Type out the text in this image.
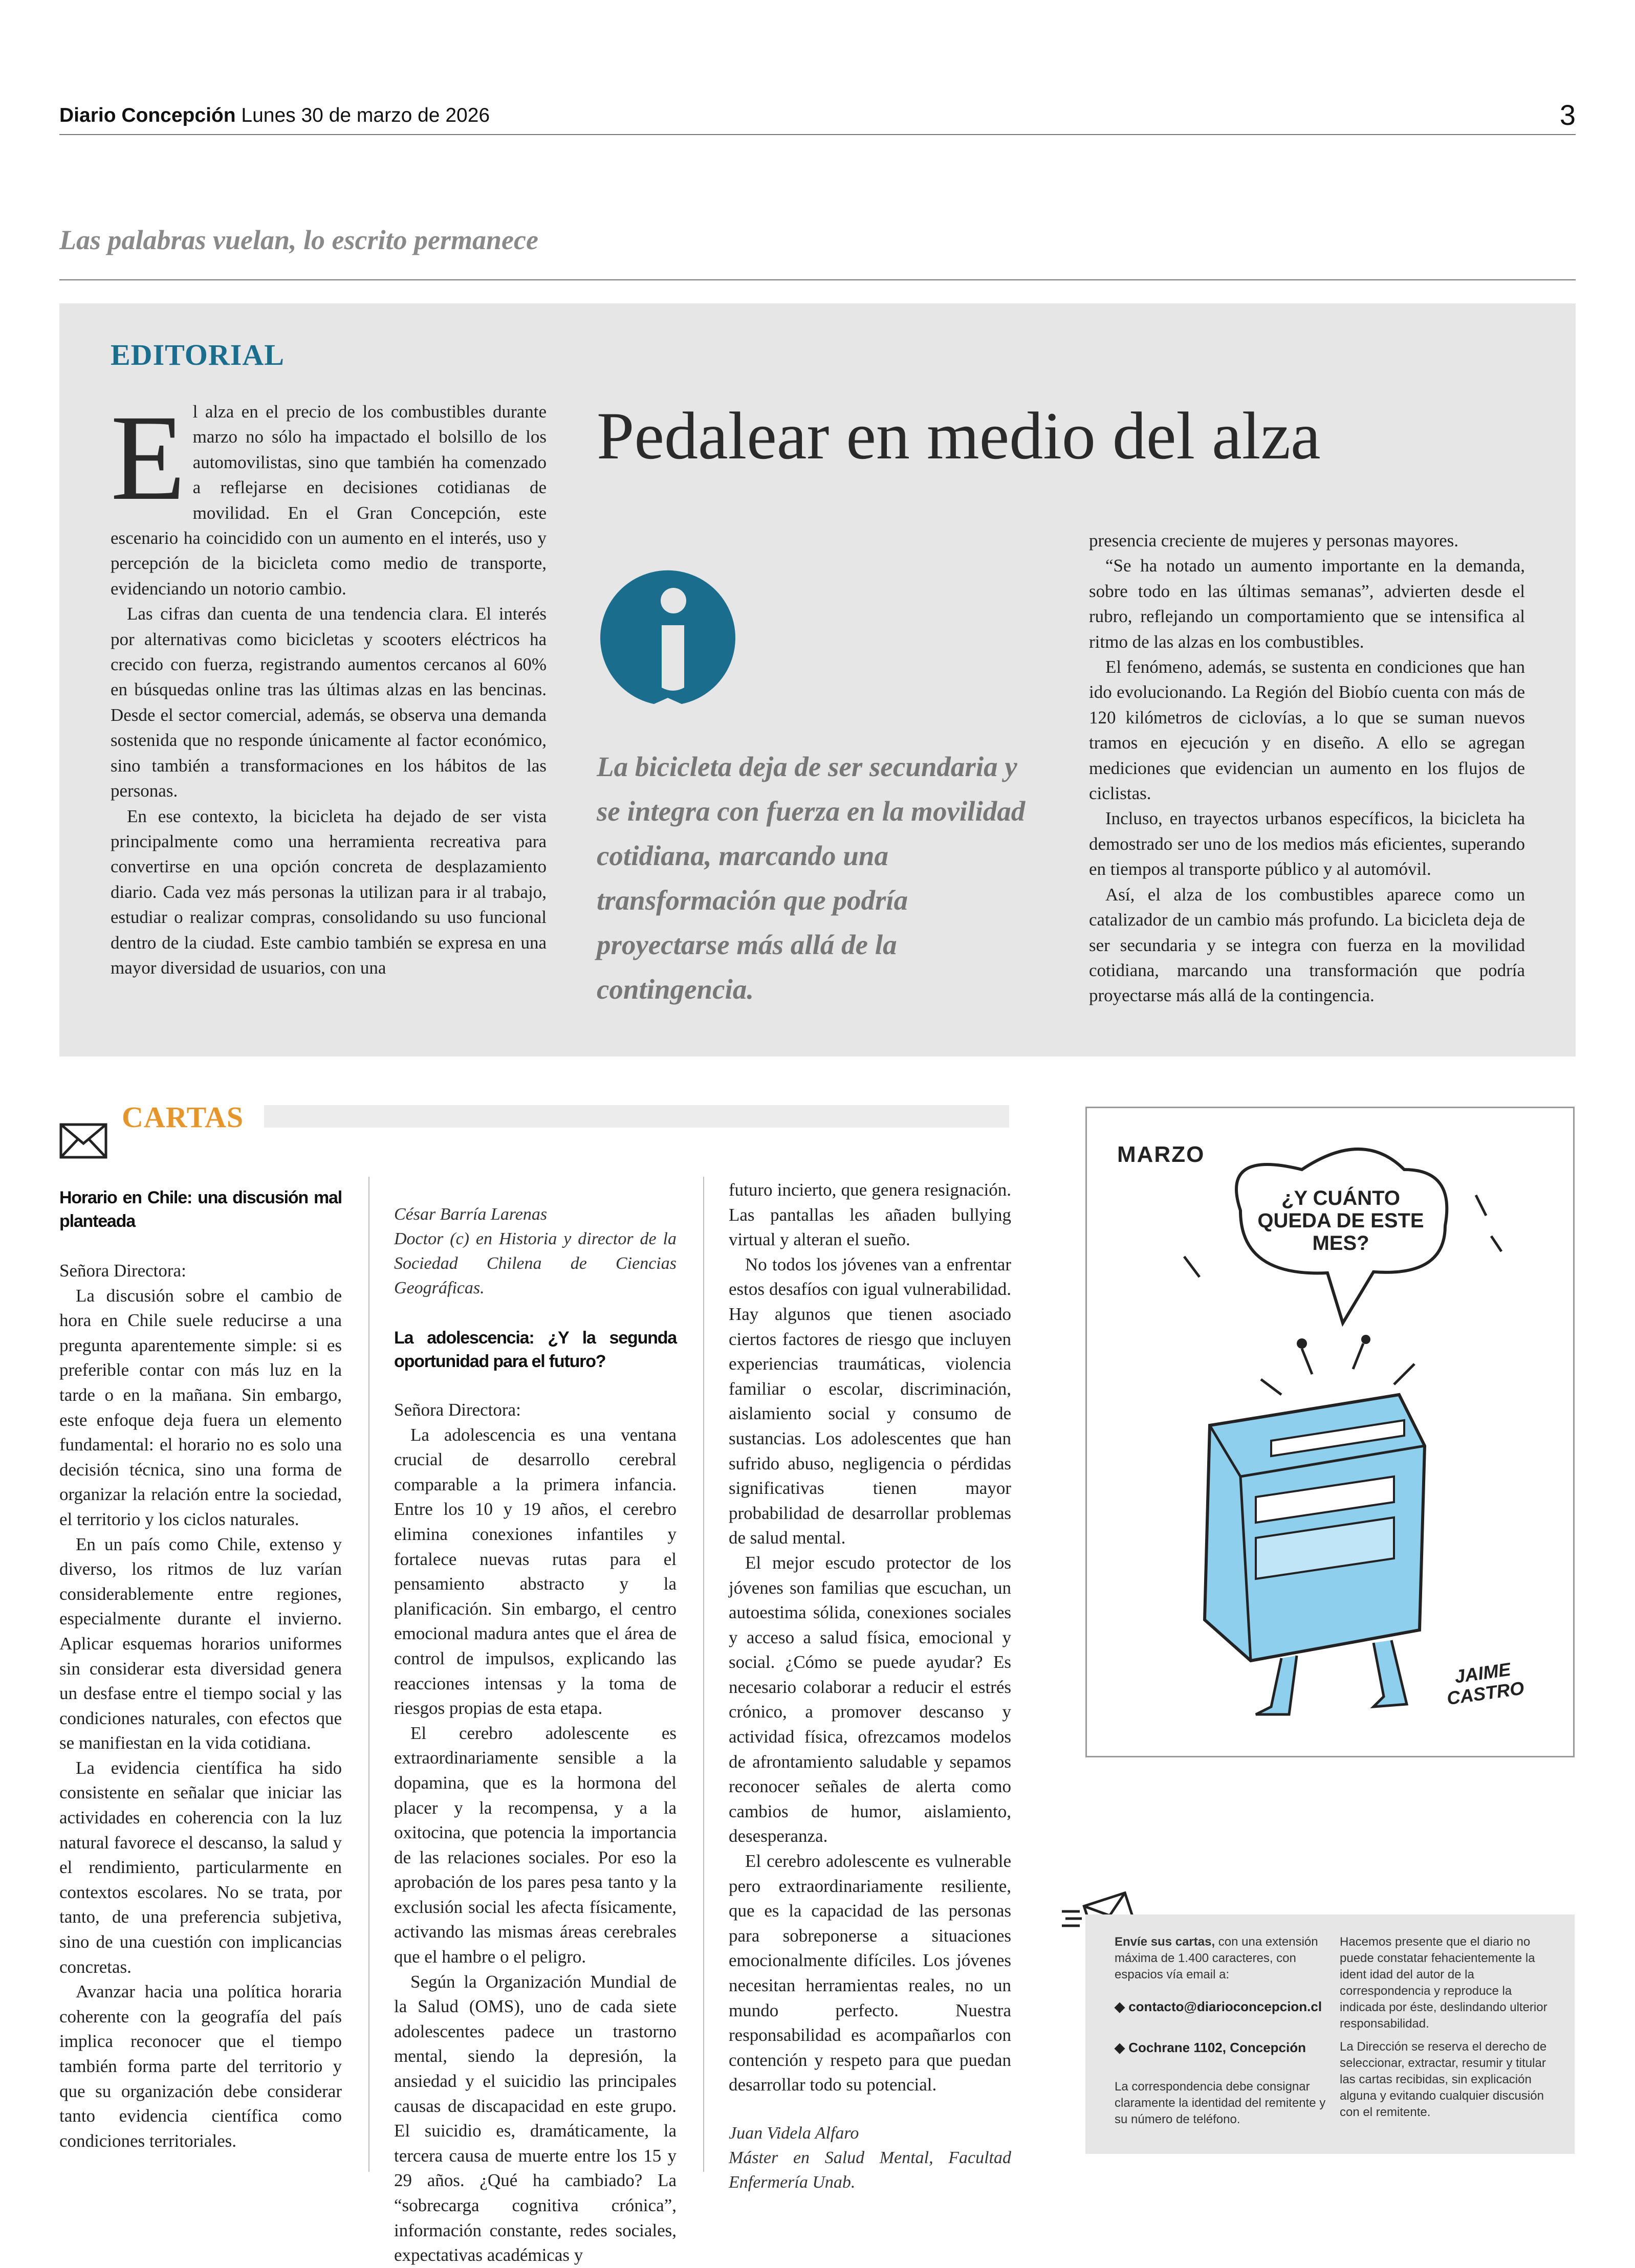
Diario Concepción Lunes 30 de marzo de 2026	3
Las palabras vuelan, lo escrito permanece
EDITORIAL
Pedalear en medio del alza

El alza en el precio de los combustibles durante marzo no sólo ha impactado el bolsillo de los automovilistas, sino que también ha comenzado a reflejarse en decisiones cotidianas de movilidad. En el Gran Concepción, este escenario ha coincidido con un aumento en el interés, uso y percepción de la bicicleta como medio de transporte, evidenciando un notorio cambio.

Las cifras dan cuenta de una tendencia clara. El interés por alternativas como bicicletas y scooters eléctricos ha crecido con fuerza, registrando aumentos cercanos al 60% en búsquedas online tras las últimas alzas en las bencinas. Desde el sector comercial, además, se observa una demanda sostenida que no responde únicamente al factor económico, sino también a transformaciones en los hábitos de las personas.

En ese contexto, la bicicleta ha dejado de ser vista principalmente como una herramienta recreativa para convertirse en una opción concreta de desplazamiento diario. Cada vez más personas la utilizan para ir al trabajo, estudiar o realizar compras, consolidando su uso funcional dentro de la ciudad. Este cambio también se expresa en una mayor diversidad de usuarios, con una

La bicicleta deja de ser secundaria y se integra con fuerza en la movilidad cotidiana, marcando una transformación que podría proyectarse más allá de la contingencia.

presencia creciente de mujeres y personas mayores.

“Se ha notado un aumento importante en la demanda, sobre todo en las últimas semanas”, advierten desde el rubro, reflejando un comportamiento que se intensifica al ritmo de las alzas en los combustibles.

El fenómeno, además, se sustenta en condiciones que han ido evolucionando. La Región del Biobío cuenta con más de 120 kilómetros de ciclovías, a lo que se suman nuevos tramos en ejecución y en diseño. A ello se agregan mediciones que evidencian un aumento en los flujos de ciclistas.

Incluso, en trayectos urbanos específicos, la bicicleta ha demostrado ser uno de los medios más eficientes, superando en tiempos al transporte público y al automóvil.

Así, el alza de los combustibles aparece como un catalizador de un cambio más profundo. La bicicleta deja de ser secundaria y se integra con fuerza en la movilidad cotidiana, marcando una transformación que podría proyectarse más allá de la contingencia.

CARTAS
Horario en Chile: una discusión mal planteada

Señora Directora:

La discusión sobre el cambio de hora en Chile suele reducirse a una pregunta aparentemente simple: si es preferible contar con más luz en la tarde o en la mañana. Sin embargo, este enfoque deja fuera un elemento fundamental: el horario no es solo una decisión técnica, sino una forma de organizar la relación entre la sociedad, el territorio y los ciclos naturales.

En un país como Chile, extenso y diverso, los ritmos de luz varían considerablemente entre regiones, especialmente durante el invierno. Aplicar esquemas horarios uniformes sin considerar esta diversidad genera un desfase entre el tiempo social y las condiciones naturales, con efectos que se manifiestan en la vida cotidiana.

La evidencia científica ha sido consistente en señalar que iniciar las actividades en coherencia con la luz natural favorece el descanso, la salud y el rendimiento, particularmente en contextos escolares. No se trata, por tanto, de una preferencia subjetiva, sino de una cuestión con implicancias concretas.

Avanzar hacia una política horaria coherente con la geografía del país implica reconocer que el tiempo también forma parte del territorio y que su organización debe considerar tanto evidencia científica como condiciones territoriales.

César Barría Larenas
Doctor (c) en Historia y director de la Sociedad Chilena de Ciencias Geográficas.
La adolescencia: ¿Y la segunda oportunidad para el futuro?

Señora Directora:

La adolescencia es una ventana crucial de desarrollo cerebral comparable a la primera infancia. Entre los 10 y 19 años, el cerebro elimina conexiones infantiles y fortalece nuevas rutas para el pensamiento abstracto y la planificación. Sin embargo, el centro emocional madura antes que el área de control de impulsos, explicando las reacciones intensas y la toma de riesgos propias de esta etapa.

El cerebro adolescente es extraordinariamente sensible a la dopamina, que es la hormona del placer y la recompensa, y a la oxitocina, que potencia la importancia de las relaciones sociales. Por eso la aprobación de los pares pesa tanto y la exclusión social les afecta físicamente, activando las mismas áreas cerebrales que el hambre o el peligro.

Según la Organización Mundial de la Salud (OMS), uno de cada siete adolescentes padece un trastorno mental, siendo la depresión, la ansiedad y el suicidio las principales causas de discapacidad en este grupo. El suicidio es, dramáticamente, la tercera causa de muerte entre los 15 y 29 años. ¿Qué ha cambiado? La “sobrecarga cognitiva crónica”, información constante, redes sociales, expectativas académicas y

futuro incierto, que genera resignación. Las pantallas les añaden bullying virtual y alteran el sueño.

No todos los jóvenes van a enfrentar estos desafíos con igual vulnerabilidad. Hay algunos que tienen asociado ciertos factores de riesgo que incluyen experiencias traumáticas, violencia familiar o escolar, discriminación, aislamiento social y consumo de sustancias. Los adolescentes que han sufrido abuso, negligencia o pérdidas significativas tienen mayor probabilidad de desarrollar problemas de salud mental.

El mejor escudo protector de los jóvenes son familias que escuchan, un autoestima sólida, conexiones sociales y acceso a salud física, emocional y social. ¿Cómo se puede ayudar? Es necesario colaborar a reducir el estrés crónico, a promover descanso y actividad física, ofrezcamos modelos de afrontamiento saludable y sepamos reconocer señales de alerta como cambios de humor, aislamiento, desesperanza.

El cerebro adolescente es vulnerable pero extraordinariamente resiliente, que es la capacidad de las personas para sobreponerse a situaciones emocionalmente difíciles. Los jóvenes necesitan herramientas reales, no un mundo perfecto. Nuestra responsabilidad es acompañarlos con contención y respeto para que puedan desarrollar todo su potencial.

Juan Videla Alfaro
Máster en Salud Mental, Facultad Enfermería Unab.
MARZO
¿Y CUÁNTO QUEDA DE ESTE MES?
JAIME CASTRO
Envíe sus cartas, con una extensión máxima de 1.400 caracteres, con espacios vía email a:
◆ contacto@diarioconcepcion.cl
◆ Cochrane 1102, Concepción
La correspondencia debe consignar claramente la identidad del remitente y su número de teléfono.
Hacemos presente que el diario no puede constatar fehacientemente la ident idad del autor de la correspondencia y reproduce la indicada por éste, deslindando ulterior responsabilidad.
La Dirección se reserva el derecho de seleccionar, extractar, resumir y titular las cartas recibidas, sin explicación alguna y evitando cualquier discusión con el remitente.
